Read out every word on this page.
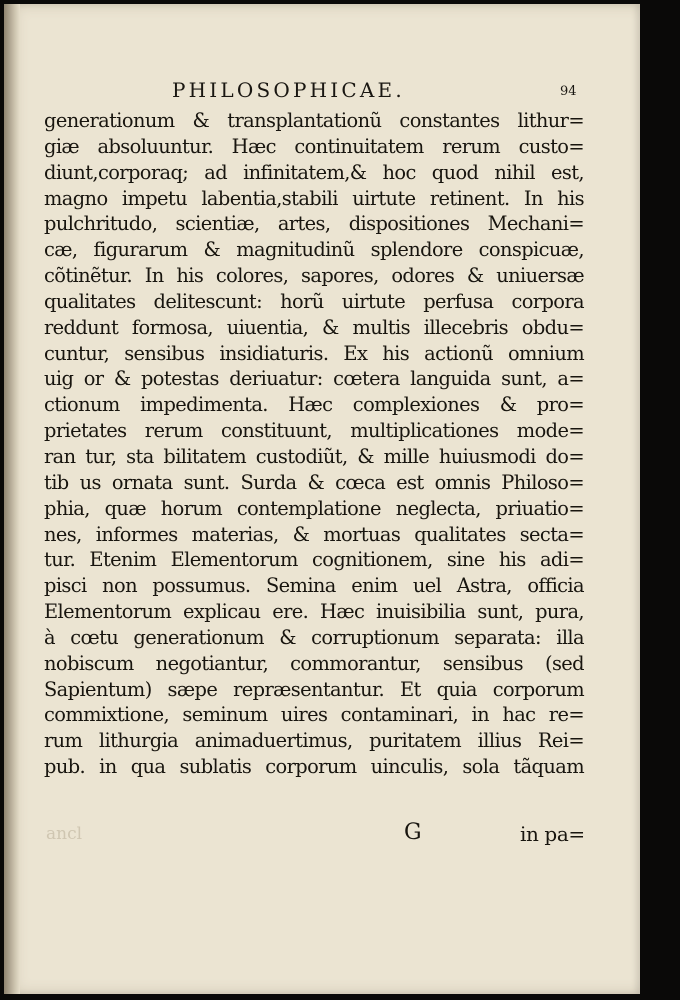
PHILOSOPHICAE.	94
generationum & transplantationũ constantes lithur=
giæ absoluuntur. Hæc continuitatem rerum custo=
diunt,corporaq; ad infinitatem,& hoc quod nihil est,
magno impetu labentia,stabili uirtute retinent. In his
pulchritudo, scientiæ, artes, dispositiones Mechani=
cæ, figurarum & magnitudinũ splendore conspicuæ,
cõtinẽtur. In his colores, sapores, odores & uniuersæ
qualitates delitescunt: horũ uirtute perfusa corpora
reddunt formosa, uiuentia, & multis illecebris obdu=
cuntur, sensibus insidiaturis. Ex his actionũ omnium
uig or & potestas deriuatur: cœtera languida sunt, a=
ctionum impedimenta. Hæc complexiones & pro=
prietates rerum constituunt, multiplicationes mode=
ran tur, sta bilitatem custodiũt, & mille huiusmodi do=
tib us ornata sunt. Surda & cœca est omnis Philoso=
phia, quæ horum contemplatione neglecta, priuatio=
nes, informes materias, & mortuas qualitates secta=
tur. Etenim Elementorum cognitionem, sine his adi=
pisci non possumus. Semina enim uel Astra, officia
Elementorum explicau ere. Hæc inuisibilia sunt, pura,
à cœtu generationum & corruptionum separata: illa
nobiscum negotiantur, commorantur, sensibus (sed
Sapientum) sæpe repræsentantur. Et quia corporum
commixtione, seminum uires contaminari, in hac re=
rum lithurgia animaduertimus, puritatem illius Rei=
pub. in qua sublatis corporum uinculis, sola tãquam
ancl	G	in pa=
